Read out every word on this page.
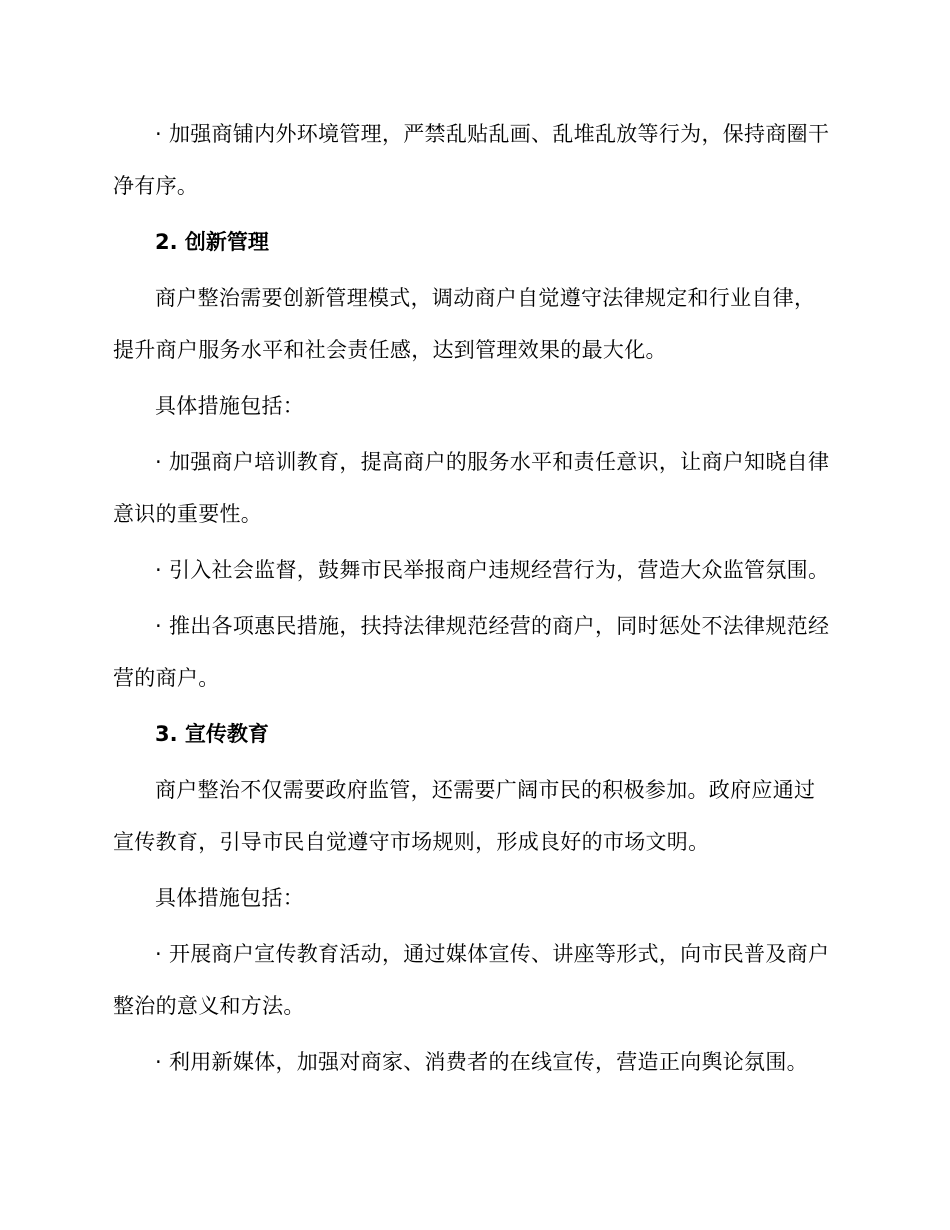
· 加强商铺内外环境管理，严禁乱贴乱画、乱堆乱放等行为，保持商圈干净有序。

2. 创新管理

商户整治需要创新管理模式，调动商户自觉遵守法律规定和行业自律，提升商户服务水平和社会责任感，达到管理效果的最大化。

具体措施包括：

· 加强商户培训教育，提高商户的服务水平和责任意识，让商户知晓自律意识的重要性。

· 引入社会监督，鼓舞市民举报商户违规经营行为，营造大众监管氛围。

· 推出各项惠民措施，扶持法律规范经营的商户，同时惩处不法律规范经营的商户。

3. 宣传教育

商户整治不仅需要政府监管，还需要广阔市民的积极参加。政府应通过宣传教育，引导市民自觉遵守市场规则，形成良好的市场文明。

具体措施包括：

· 开展商户宣传教育活动，通过媒体宣传、讲座等形式，向市民普及商户整治的意义和方法。

· 利用新媒体，加强对商家、消费者的在线宣传，营造正向舆论氛围。
